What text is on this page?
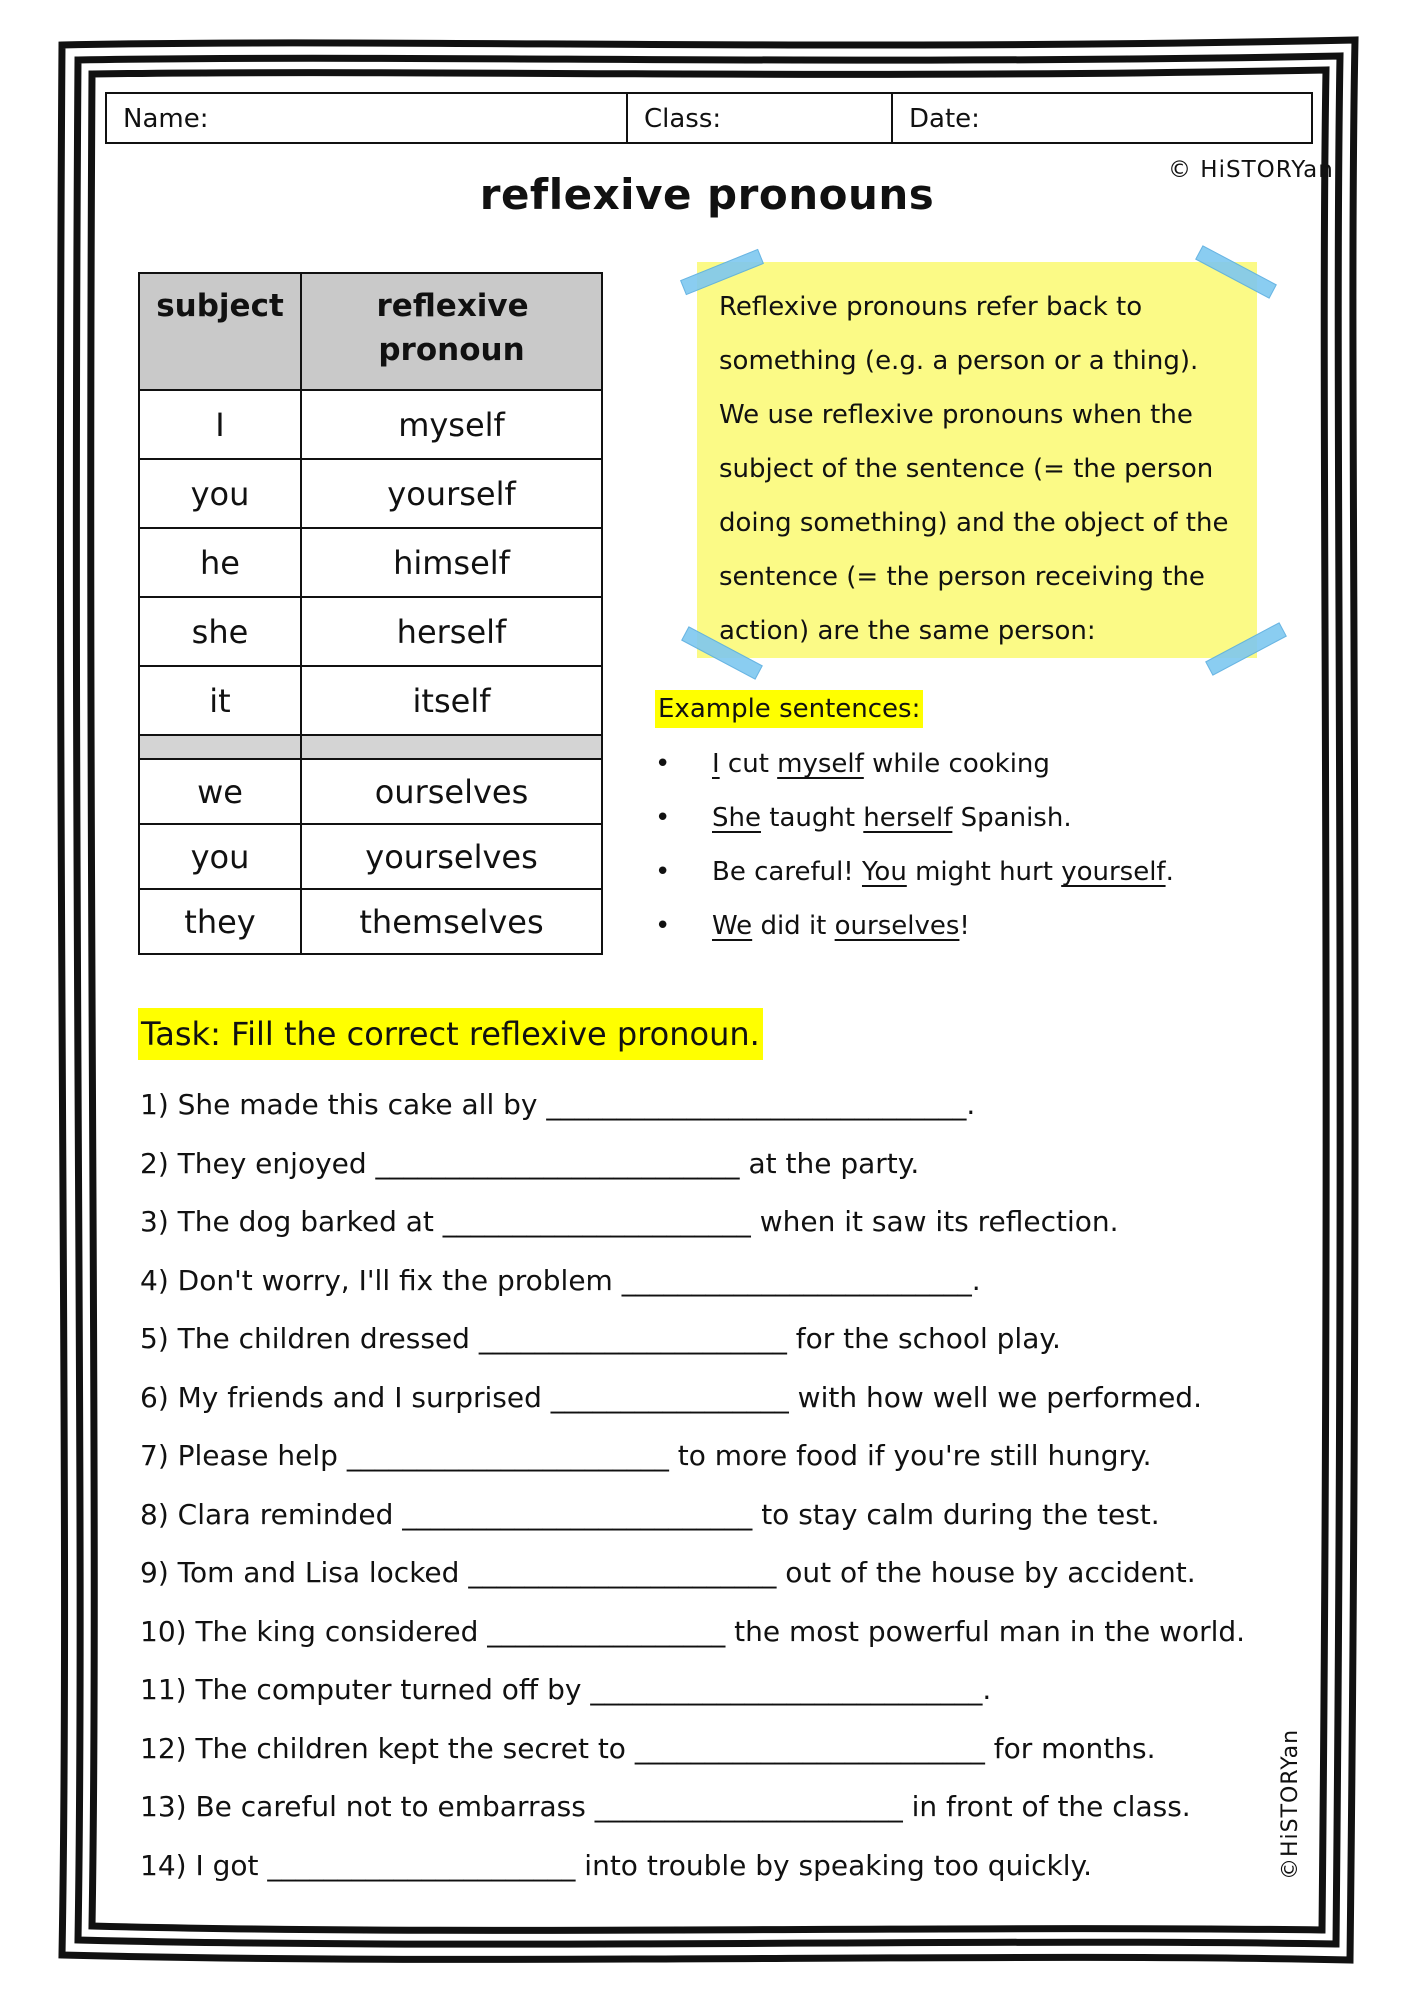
Name:	Class:	Date:
© HiSTORYan
reflexive pronouns
subject	reflexive pronoun
I	myself
you	yourself
he	himself
she	herself
it	itself

we	ourselves
you	yourselves
they	themselves

Reflexive pronouns refer back to

something (e.g. a person or a thing).

We use reflexive pronouns when the

subject of the sentence (= the person

doing something) and the object of the

sentence (= the person receiving the

action) are the same person:

Example sentences:
•	I cut myself while cooking
•	She taught herself Spanish.
•	Be careful! You might hurt yourself .
•	We did it ourselves !
Task: Fill the correct reflexive pronoun.
1) She made this cake all by ______________________________.
2) They enjoyed __________________________ at the party.
3) The dog barked at ______________________ when it saw its reflection.
4) Don't worry, I'll fix the problem _________________________.
5) The children dressed ______________________ for the school play.
6) My friends and I surprised _________________ with how well we performed.
7) Please help _______________________ to more food if you're still hungry.
8) Clara reminded _________________________ to stay calm during the test.
9) Tom and Lisa locked ______________________ out of the house by accident.
10) The king considered _________________ the most powerful man in the world.
11) The computer turned off by ____________________________.
12) The children kept the secret to _________________________ for months.
13) Be careful not to embarrass ______________________ in front of the class.
14) I got ______________________ into trouble by speaking too quickly.	©HiSTORYan
